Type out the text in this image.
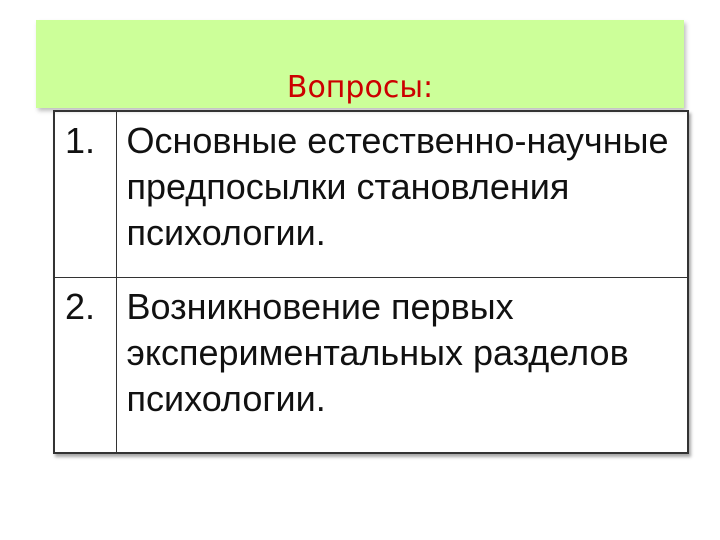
Вопросы:
1.	Основные естественно-научные предпосылки становления психологии.

2.	Возникновение первых экспериментальных разделов психологии.
